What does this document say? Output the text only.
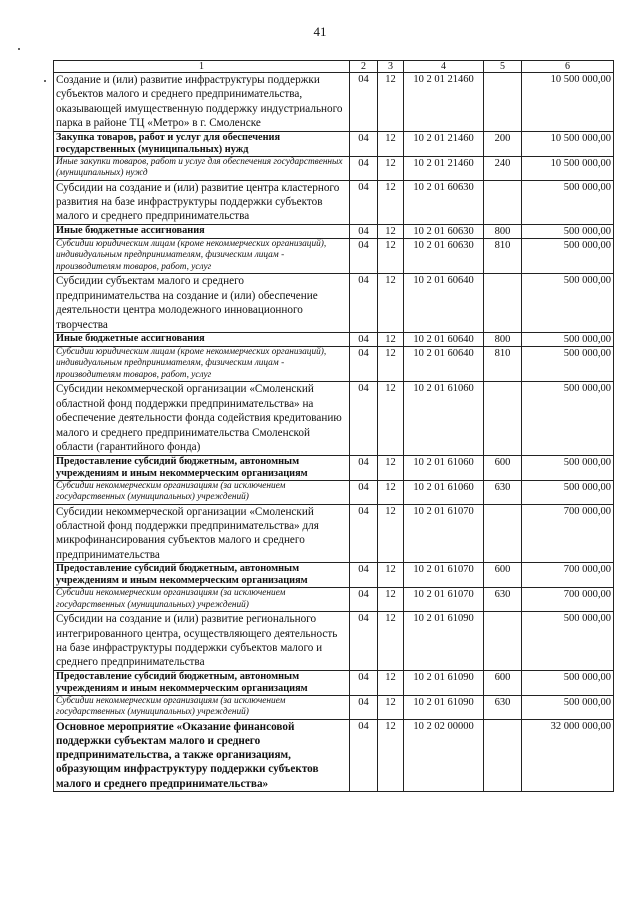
41
1	2	3	4	5	6
Создание и (или) развитие инфраструктуры поддержки субъектов малого и среднего предпринимательства, оказывающей имущественную поддержку индустриального парка в районе ТЦ «Метро» в г. Смоленске	04	12	10 2 01 21460		10 500 000,00
Закупка товаров, работ и услуг для обеспечения государственных (муниципальных) нужд	04	12	10 2 01 21460	200	10 500 000,00
Иные закупки товаров, работ и услуг для обеспечения государственных (муниципальных) нужд	04	12	10 2 01 21460	240	10 500 000,00
Субсидии на создание и (или) развитие центра кластерного развития на базе инфраструктуры поддержки субъектов малого и среднего предпринимательства	04	12	10 2 01 60630		500 000,00
Иные бюджетные ассигнования	04	12	10 2 01 60630	800	500 000,00
Субсидии юридическим лицам (кроме некоммерческих организаций), индивидуальным предпринимателям, физическим лицам - производителям товаров, работ, услуг	04	12	10 2 01 60630	810	500 000,00
Субсидии субъектам малого и среднего предпринимательства на создание и (или) обеспечение деятельности центра молодежного инновационного творчества	04	12	10 2 01 60640		500 000,00
Иные бюджетные ассигнования	04	12	10 2 01 60640	800	500 000,00
Субсидии юридическим лицам (кроме некоммерческих организаций), индивидуальным предпринимателям, физическим лицам - производителям товаров, работ, услуг	04	12	10 2 01 60640	810	500 000,00
Субсидии некоммерческой организации «Смоленский областной фонд поддержки предпринимательства» на обеспечение деятельности фонда содействия кредитованию малого и среднего предпринимательства Смоленской области (гарантийного фонда)	04	12	10 2 01 61060		500 000,00
Предоставление субсидий бюджетным, автономным учреждениям и иным некоммерческим организациям	04	12	10 2 01 61060	600	500 000,00
Субсидии некоммерческим организациям (за исключением государственных (муниципальных) учреждений)	04	12	10 2 01 61060	630	500 000,00
Субсидии некоммерческой организации «Смоленский областной фонд поддержки предпринимательства» для микрофинансирования субъектов малого и среднего предпринимательства	04	12	10 2 01 61070		700 000,00
Предоставление субсидий бюджетным, автономным учреждениям и иным некоммерческим организациям	04	12	10 2 01 61070	600	700 000,00
Субсидии некоммерческим организациям (за исключением государственных (муниципальных) учреждений)	04	12	10 2 01 61070	630	700 000,00
Субсидии на создание и (или) развитие регионального интегрированного центра, осуществляющего деятельность на базе инфраструктуры поддержки субъектов малого и среднего предпринимательства	04	12	10 2 01 61090		500 000,00
Предоставление субсидий бюджетным, автономным учреждениям и иным некоммерческим организациям	04	12	10 2 01 61090	600	500 000,00
Субсидии некоммерческим организациям (за исключением государственных (муниципальных) учреждений)	04	12	10 2 01 61090	630	500 000,00
Основное мероприятие «Оказание финансовой поддержки субъектам малого и среднего предпринимательства, а также организациям, образующим инфраструктуру поддержки субъектов малого и среднего предпринимательства»	04	12	10 2 02 00000		32 000 000,00
